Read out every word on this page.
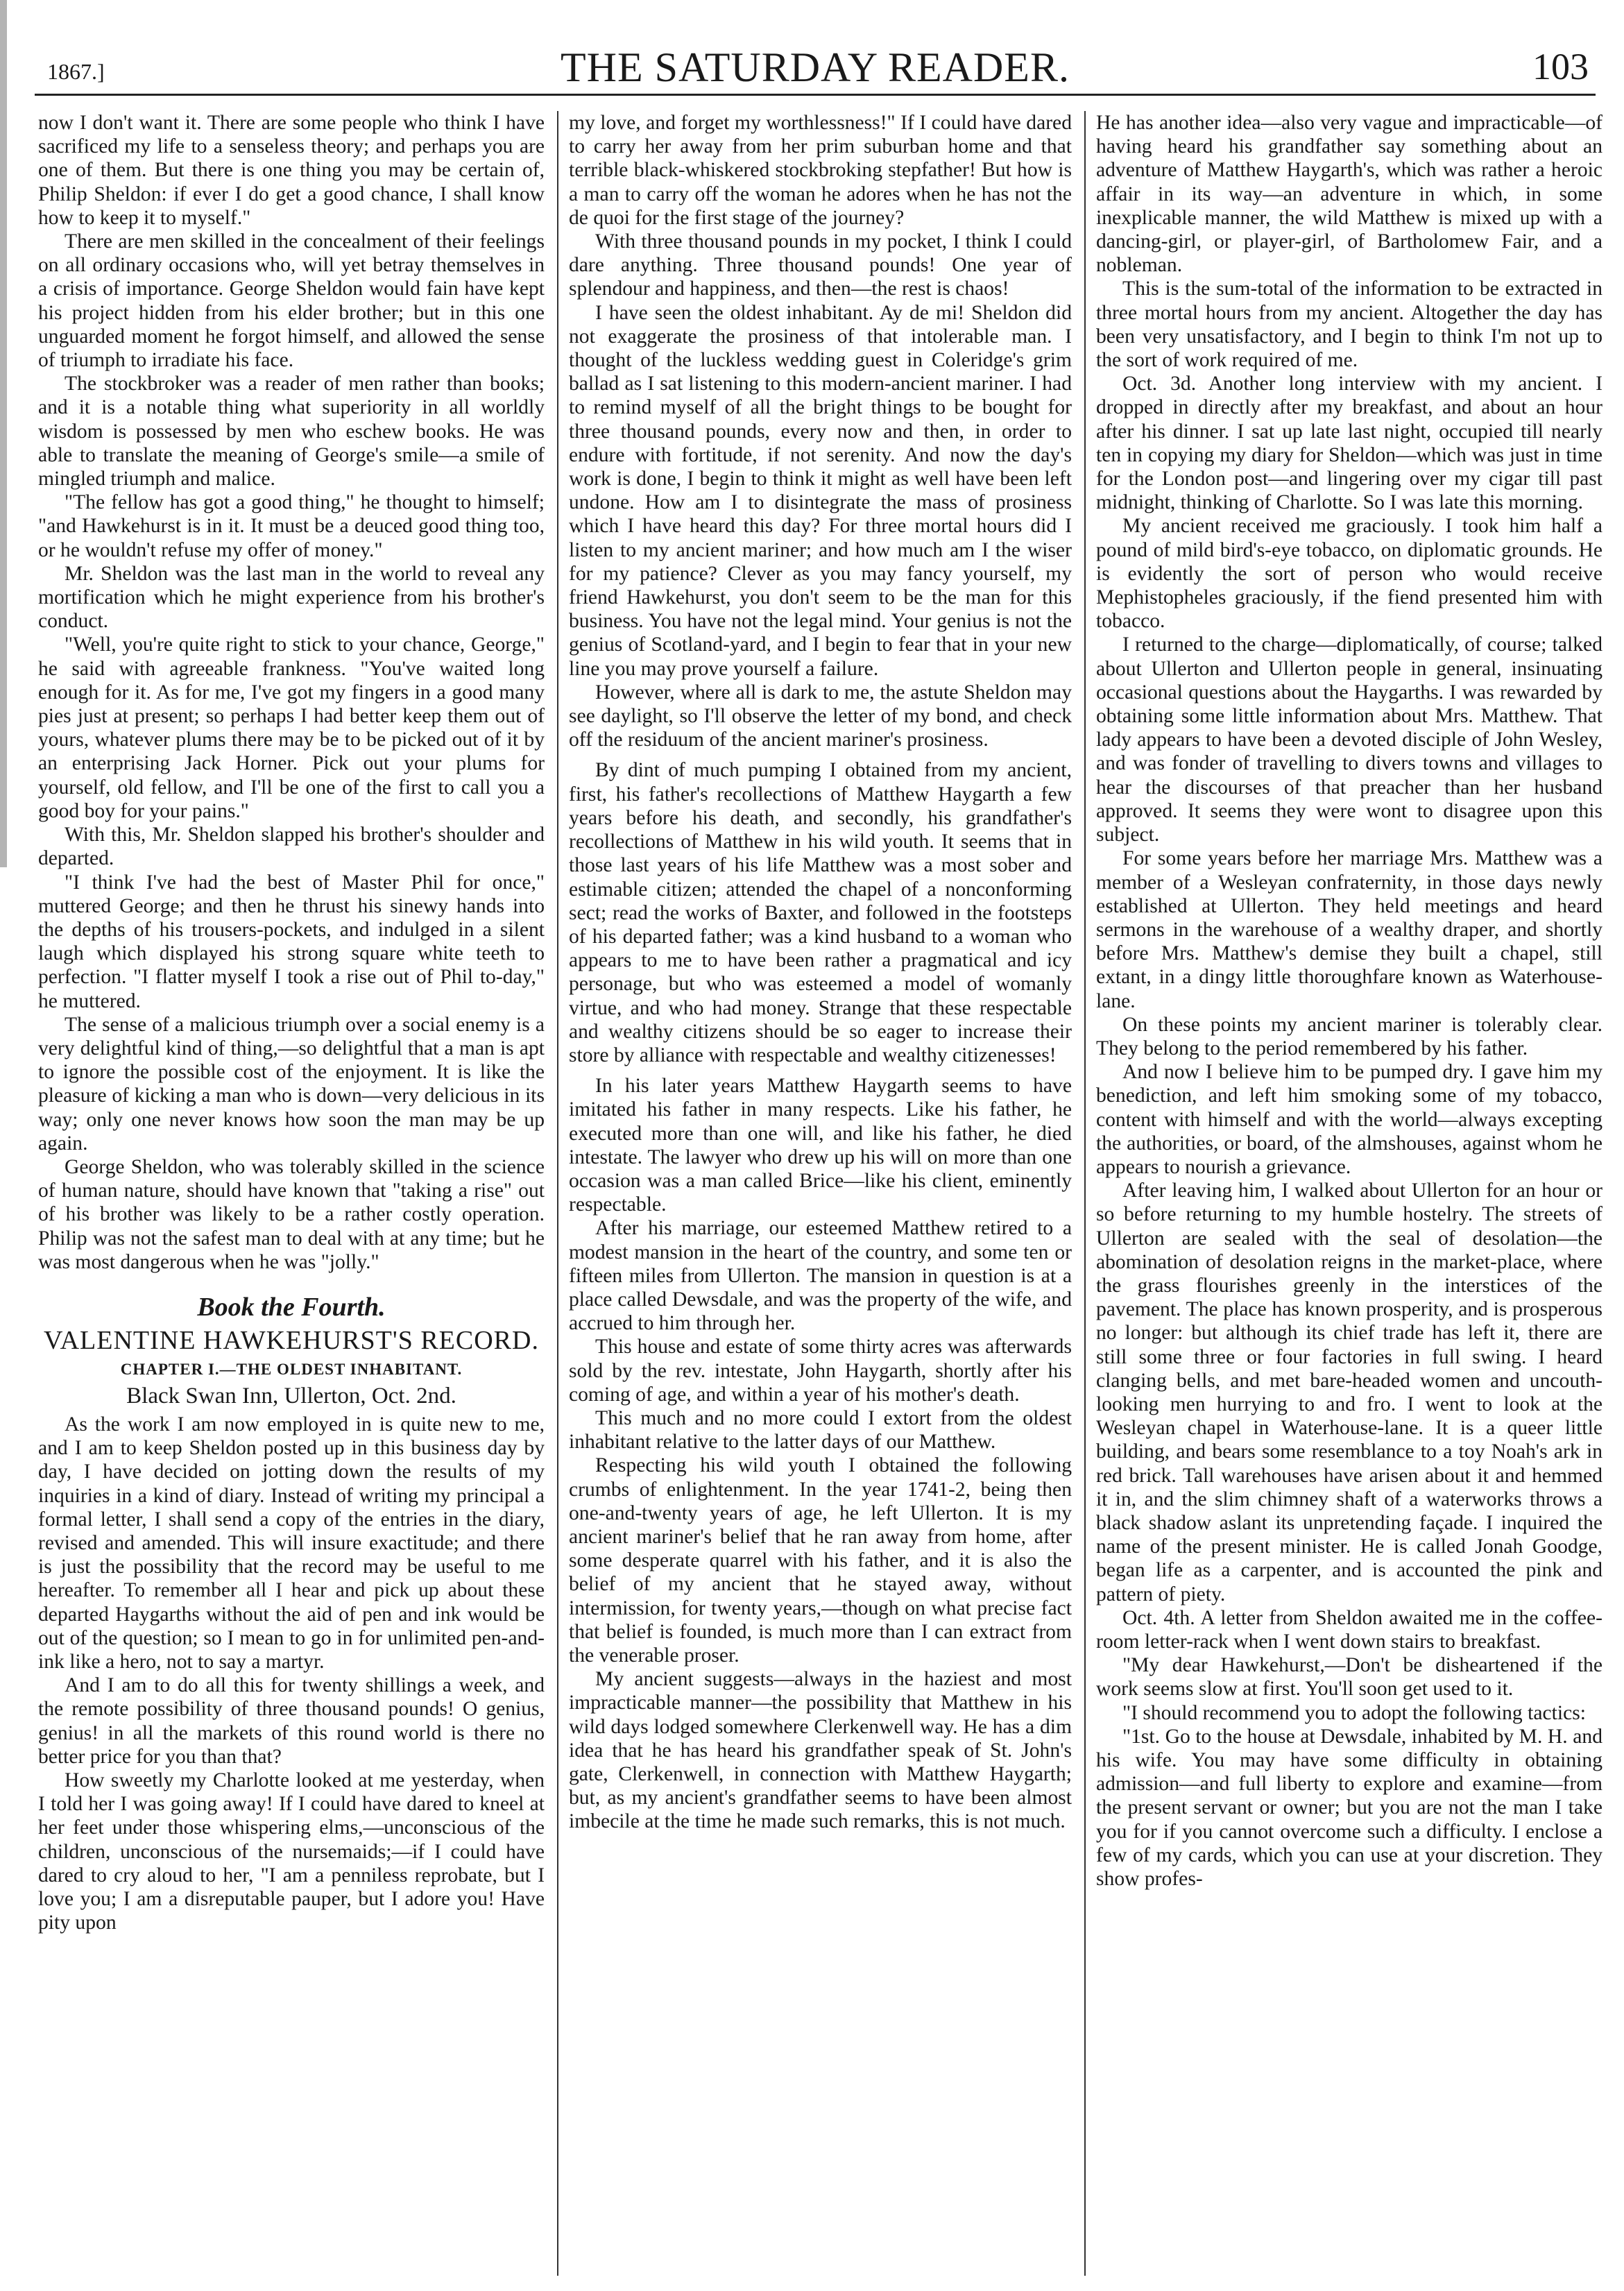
1867.]	THE SATURDAY READER.	103

now I don't want it. There are some people who think I have sacrificed my life to a senseless theory; and perhaps you are one of them. But there is one thing you may be certain of, Philip Sheldon: if ever I do get a good chance, I shall know how to keep it to myself."

There are men skilled in the concealment of their feelings on all ordinary occasions who, will yet betray themselves in a crisis of importance. George Sheldon would fain have kept his project hidden from his elder brother; but in this one unguarded moment he forgot himself, and allowed the sense of triumph to irradiate his face.

The stockbroker was a reader of men rather than books; and it is a notable thing what superiority in all worldly wisdom is possessed by men who eschew books. He was able to translate the meaning of George's smile—a smile of mingled triumph and malice.

"The fellow has got a good thing," he thought to himself; "and Hawkehurst is in it. It must be a deuced good thing too, or he wouldn't refuse my offer of money."

Mr. Sheldon was the last man in the world to reveal any mortification which he might experience from his brother's conduct.

"Well, you're quite right to stick to your chance, George," he said with agreeable frankness. "You've waited long enough for it. As for me, I've got my fingers in a good many pies just at present; so perhaps I had better keep them out of yours, whatever plums there may be to be picked out of it by an enterprising Jack Horner. Pick out your plums for yourself, old fellow, and I'll be one of the first to call you a good boy for your pains."

With this, Mr. Sheldon slapped his brother's shoulder and departed.

"I think I've had the best of Master Phil for once," muttered George; and then he thrust his sinewy hands into the depths of his trousers-pockets, and indulged in a silent laugh which displayed his strong square white teeth to perfection. "I flatter myself I took a rise out of Phil to-day," he muttered.

The sense of a malicious triumph over a social enemy is a very delightful kind of thing,—so delightful that a man is apt to ignore the possible cost of the enjoyment. It is like the pleasure of kicking a man who is down—very delicious in its way; only one never knows how soon the man may be up again.

George Sheldon, who was tolerably skilled in the science of human nature, should have known that "taking a rise" out of his brother was likely to be a rather costly operation. Philip was not the safest man to deal with at any time; but he was most dangerous when he was "jolly."

Book the Fourth.
VALENTINE HAWKEHURST'S RECORD.
CHAPTER I.—THE OLDEST INHABITANT.
Black Swan Inn, Ullerton, Oct. 2nd.

As the work I am now employed in is quite new to me, and I am to keep Sheldon posted up in this business day by day, I have decided on jotting down the results of my inquiries in a kind of diary. Instead of writing my principal a formal letter, I shall send a copy of the entries in the diary, revised and amended. This will insure exactitude; and there is just the possibility that the record may be useful to me hereafter. To remember all I hear and pick up about these departed Haygarths without the aid of pen and ink would be out of the question; so I mean to go in for unlimited pen-and-ink like a hero, not to say a martyr.

And I am to do all this for twenty shillings a week, and the remote possibility of three thousand pounds! O genius, genius! in all the markets of this round world is there no better price for you than that?

How sweetly my Charlotte looked at me yesterday, when I told her I was going away! If I could have dared to kneel at her feet under those whispering elms,—unconscious of the children, unconscious of the nursemaids;—if I could have dared to cry aloud to her, "I am a penniless reprobate, but I love you; I am a disreputable pauper, but I adore you! Have pity upon

my love, and forget my worthlessness!" If I could have dared to carry her away from her prim suburban home and that terrible black-whiskered stockbroking stepfather! But how is a man to carry off the woman he adores when he has not the de quoi for the first stage of the journey?

With three thousand pounds in my pocket, I think I could dare anything. Three thousand pounds! One year of splendour and happiness, and then—the rest is chaos!

I have seen the oldest inhabitant. Ay de mi! Sheldon did not exaggerate the prosiness of that intolerable man. I thought of the luckless wedding guest in Coleridge's grim ballad as I sat listening to this modern-ancient mariner. I had to remind myself of all the bright things to be bought for three thousand pounds, every now and then, in order to endure with fortitude, if not serenity. And now the day's work is done, I begin to think it might as well have been left undone. How am I to disintegrate the mass of prosiness which I have heard this day? For three mortal hours did I listen to my ancient mariner; and how much am I the wiser for my patience? Clever as you may fancy yourself, my friend Hawkehurst, you don't seem to be the man for this business. You have not the legal mind. Your genius is not the genius of Scotland-yard, and I begin to fear that in your new line you may prove yourself a failure.

However, where all is dark to me, the astute Sheldon may see daylight, so I'll observe the letter of my bond, and check off the residuum of the ancient mariner's prosiness.

By dint of much pumping I obtained from my ancient, first, his father's recollections of Matthew Haygarth a few years before his death, and secondly, his grandfather's recollections of Matthew in his wild youth. It seems that in those last years of his life Matthew was a most sober and estimable citizen; attended the chapel of a nonconforming sect; read the works of Baxter, and followed in the footsteps of his departed father; was a kind husband to a woman who appears to me to have been rather a pragmatical and icy personage, but who was esteemed a model of womanly virtue, and who had money. Strange that these respectable and wealthy citizens should be so eager to increase their store by alliance with respectable and wealthy citizenesses!

In his later years Matthew Haygarth seems to have imitated his father in many respects. Like his father, he executed more than one will, and like his father, he died intestate. The lawyer who drew up his will on more than one occasion was a man called Brice—like his client, eminently respectable.

After his marriage, our esteemed Matthew retired to a modest mansion in the heart of the country, and some ten or fifteen miles from Ullerton. The mansion in question is at a place called Dewsdale, and was the property of the wife, and accrued to him through her.

This house and estate of some thirty acres was afterwards sold by the rev. intestate, John Haygarth, shortly after his coming of age, and within a year of his mother's death.

This much and no more could I extort from the oldest inhabitant relative to the latter days of our Matthew.

Respecting his wild youth I obtained the following crumbs of enlightenment. In the year 1741-2, being then one-and-twenty years of age, he left Ullerton. It is my ancient mariner's belief that he ran away from home, after some desperate quarrel with his father, and it is also the belief of my ancient that he stayed away, without intermission, for twenty years,—though on what precise fact that belief is founded, is much more than I can extract from the venerable proser.

My ancient suggests—always in the haziest and most impracticable manner—the possibility that Matthew in his wild days lodged somewhere Clerkenwell way. He has a dim idea that he has heard his grandfather speak of St. John's gate, Clerkenwell, in connection with Matthew Haygarth; but, as my ancient's grandfather seems to have been almost imbecile at the time he made such remarks, this is not much.

He has another idea—also very vague and impracticable—of having heard his grandfather say something about an adventure of Matthew Haygarth's, which was rather a heroic affair in its way—an adventure in which, in some inexplicable manner, the wild Matthew is mixed up with a dancing-girl, or player-girl, of Bartholomew Fair, and a nobleman.

This is the sum-total of the information to be extracted in three mortal hours from my ancient. Altogether the day has been very unsatisfactory, and I begin to think I'm not up to the sort of work required of me.

Oct. 3d. Another long interview with my ancient. I dropped in directly after my breakfast, and about an hour after his dinner. I sat up late last night, occupied till nearly ten in copying my diary for Sheldon—which was just in time for the London post—and lingering over my cigar till past midnight, thinking of Charlotte. So I was late this morning.

My ancient received me graciously. I took him half a pound of mild bird's-eye tobacco, on diplomatic grounds. He is evidently the sort of person who would receive Mephistopheles graciously, if the fiend presented him with tobacco.

I returned to the charge—diplomatically, of course; talked about Ullerton and Ullerton people in general, insinuating occasional questions about the Haygarths. I was rewarded by obtaining some little information about Mrs. Matthew. That lady appears to have been a devoted disciple of John Wesley, and was fonder of travelling to divers towns and villages to hear the discourses of that preacher than her husband approved. It seems they were wont to disagree upon this subject.

For some years before her marriage Mrs. Matthew was a member of a Wesleyan confraternity, in those days newly established at Ullerton. They held meetings and heard sermons in the warehouse of a wealthy draper, and shortly before Mrs. Matthew's demise they built a chapel, still extant, in a dingy little thoroughfare known as Waterhouse-lane.

On these points my ancient mariner is tolerably clear. They belong to the period remembered by his father.

And now I believe him to be pumped dry. I gave him my benediction, and left him smoking some of my tobacco, content with himself and with the world—always excepting the authorities, or board, of the almshouses, against whom he appears to nourish a grievance.

After leaving him, I walked about Ullerton for an hour or so before returning to my humble hostelry. The streets of Ullerton are sealed with the seal of desolation—the abomination of desolation reigns in the market-place, where the grass flourishes greenly in the interstices of the pavement. The place has known prosperity, and is prosperous no longer: but although its chief trade has left it, there are still some three or four factories in full swing. I heard clanging bells, and met bare-headed women and uncouth-looking men hurrying to and fro. I went to look at the Wesleyan chapel in Waterhouse-lane. It is a queer little building, and bears some resemblance to a toy Noah's ark in red brick. Tall warehouses have arisen about it and hemmed it in, and the slim chimney shaft of a waterworks throws a black shadow aslant its unpretending façade. I inquired the name of the present minister. He is called Jonah Goodge, began life as a carpenter, and is accounted the pink and pattern of piety.

Oct. 4th. A letter from Sheldon awaited me in the coffee-room letter-rack when I went down stairs to breakfast.

"My dear Hawkehurst,—Don't be disheartened if the work seems slow at first. You'll soon get used to it.

"I should recommend you to adopt the following tactics:

"1st. Go to the house at Dewsdale, inhabited by M. H. and his wife. You may have some difficulty in obtaining admission—and full liberty to explore and examine—from the present servant or owner; but you are not the man I take you for if you cannot overcome such a difficulty. I enclose a few of my cards, which you can use at your discretion. They show profes-
